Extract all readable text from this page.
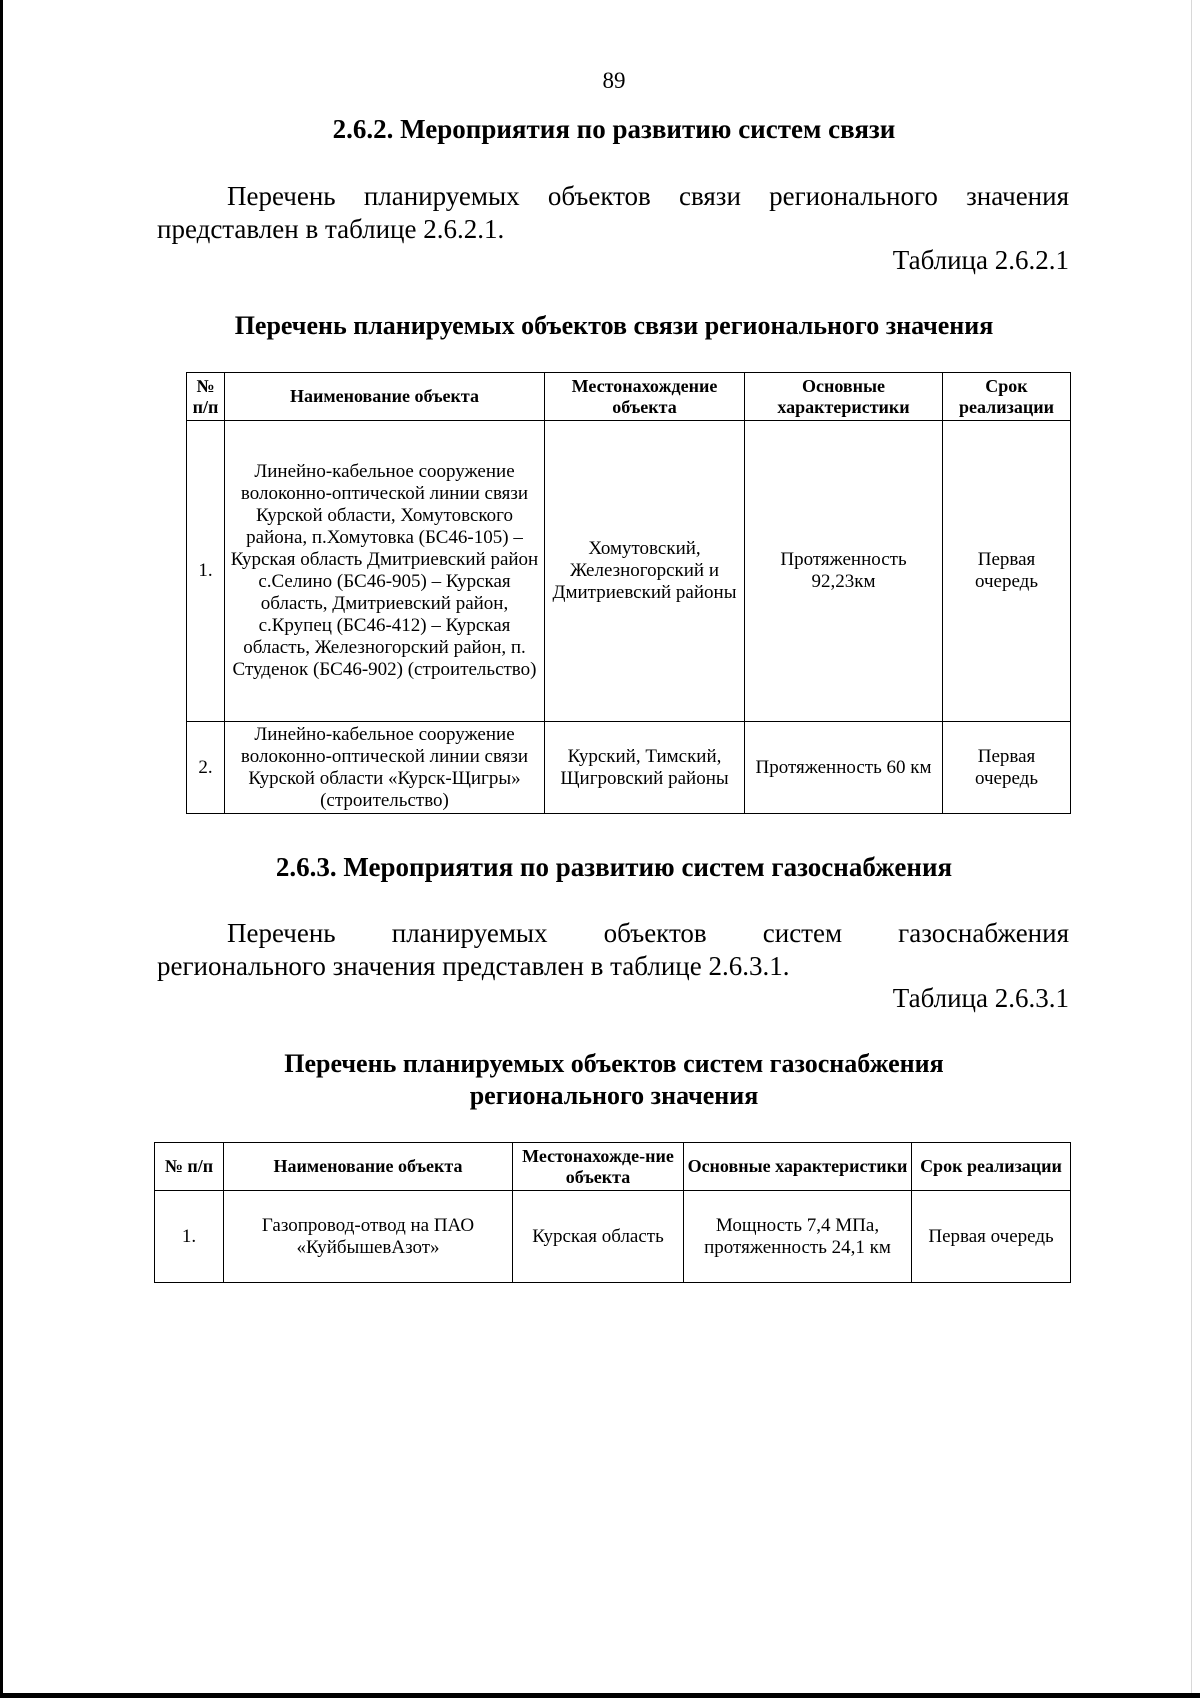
89
2.6.2. Мероприятия по развитию систем связи
Перечень планируемых объектов связи регионального значения
представлен в таблице 2.6.2.1.
Таблица 2.6.2.1
Перечень планируемых объектов связи регионального значения
№ п/п	Наименование объекта	Местонахождение объекта	Основные характеристики	Срок реализации
1.	Линейно-кабельное сооружение волоконно-оптической линии связи Курской области, Хомутовского района, п.Хомутовка (БС46-105) – Курская область Дмитриевский район с.Селино (БС46-905) – Курская область, Дмитриевский район, с.Крупец (БС46-412) – Курская область, Железногорский район, п. Студенок (БС46-902) (строительство)	Хомутовский, Железногорский и Дмитриевский районы	Протяженность 92,23км	Первая очередь
2.	Линейно-кабельное сооружение волоконно-оптической линии связи Курской области «Курск-Щигры» (строительство)	Курский, Тимский, Щигровский районы	Протяженность 60 км	Первая очередь
2.6.3. Мероприятия по развитию систем газоснабжения
Перечень планируемых объектов систем газоснабжения
регионального значения представлен в таблице 2.6.3.1.
Таблица 2.6.3.1
Перечень планируемых объектов систем газоснабжения
регионального значения
№ п/п	Наименование объекта	Местонахожде-ние объекта	Основные характеристики	Срок реализации
1.	Газопровод-отвод на ПАО «КуйбышевАзот»	Курская область	Мощность 7,4 МПа, протяженность 24,1 км	Первая очередь
